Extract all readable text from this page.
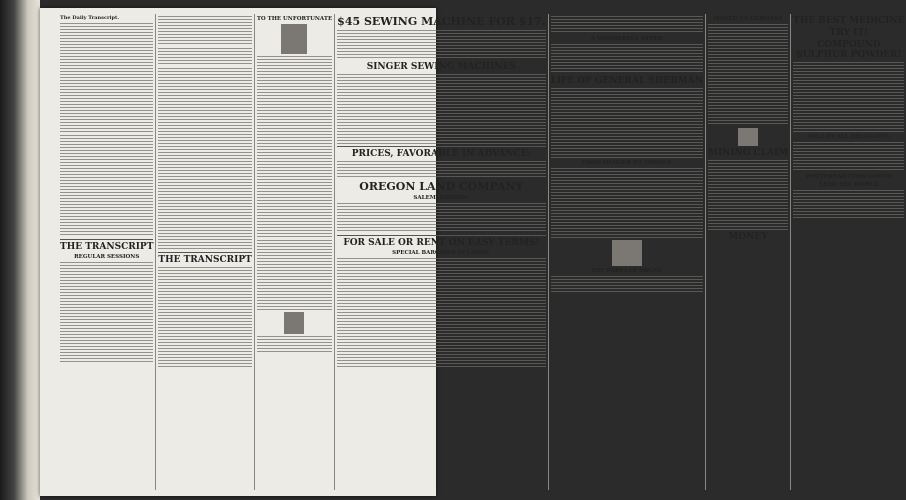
The Daily Transcript.
THE TRANSCRIPT
REGULAR SESSIONS	THE TRANSCRIPT
TO THE UNFORTUNATE $45 SEWING MACHINE FOR $17.
SINGER SEWING MACHINES
PRICES, FAVORABLE IN ADVANCE:
OREGON LAND COMPANY
SALEM, OREGON.
FOR SALE OR RENT ON EASY TERMS!
SPECIAL BARGAINS IN LANDS.
A WONDERFUL OFFER
LIFE OF GENERAL SHERMAN
FROM HANGER TO THRONE
THE POPULAR ORGAN
MOVED TO GERMANY
MINING CLAIM
MONEY
THE BEST MEDICINE
TRY IT!
COMPOUND SULPHUR POWDER!
SOLD BY ALL DRUGGISTS.
WHITEHEAD CORN GOODS
LEAD THE WORLD
